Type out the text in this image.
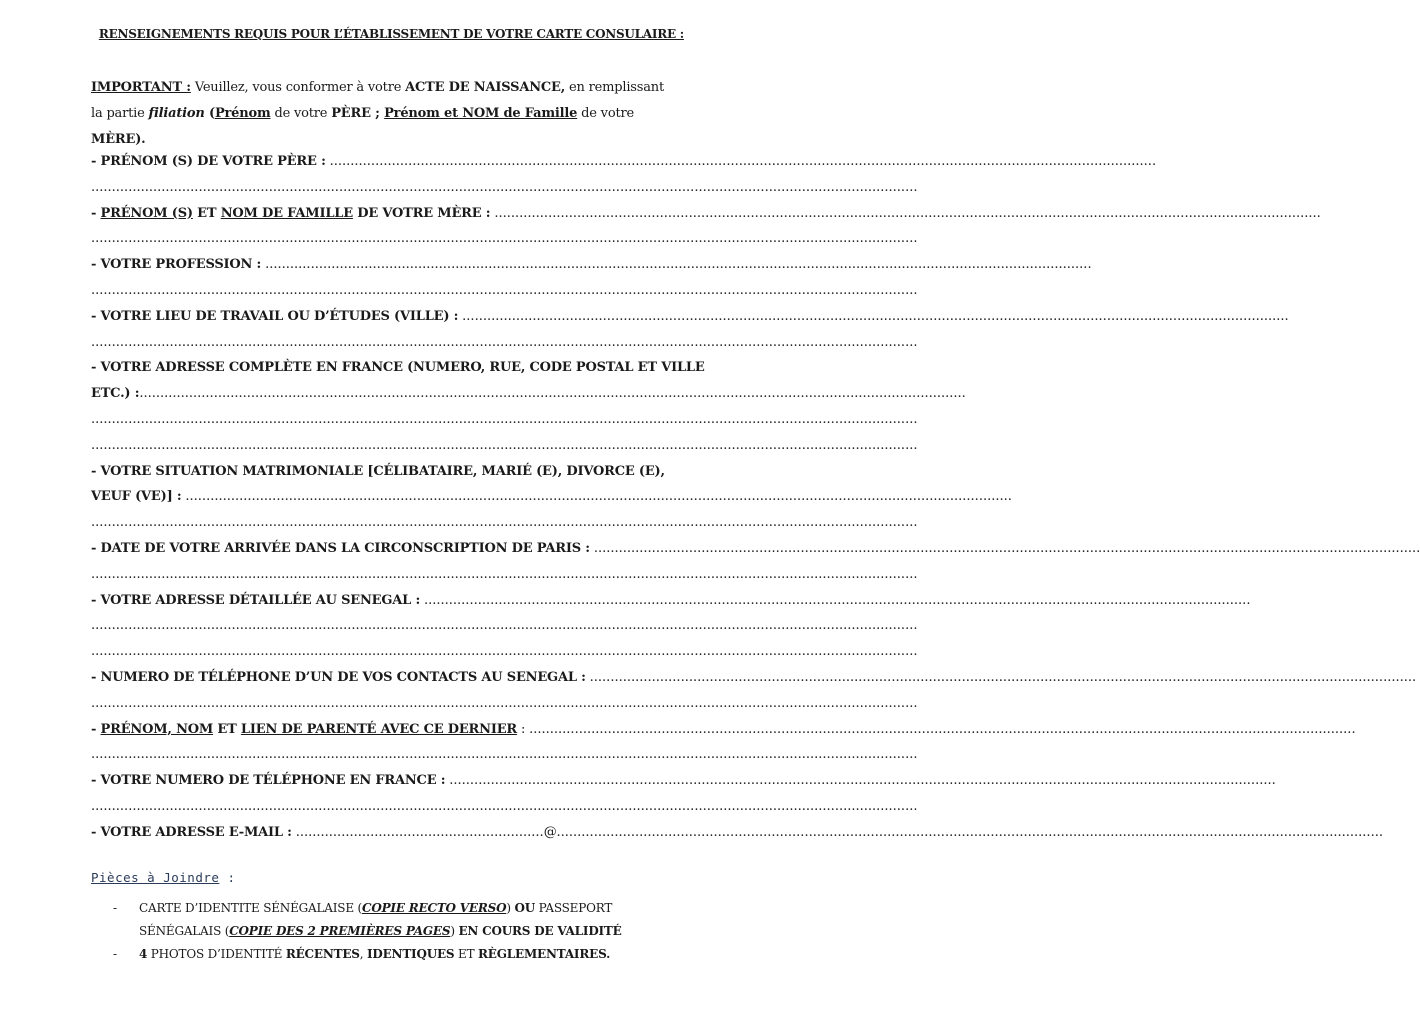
RENSEIGNEMENTS REQUIS POUR L’ÉTABLISSEMENT DE VOTRE CARTE CONSULAIRE :
IMPORTANT : Veuillez, vous conformer à votre ACTE DE NAISSANCE, en remplissant la partie filiation (Prénom de votre PÈRE ; Prénom et NOM de Famille de votre MÈRE).
- PRÉNOM (S) DE VOTRE PÈRE : ........................................................................................................................................................................................................
........................................................................................................................................................................................................
- PRÉNOM (S) ET NOM DE FAMILLE DE VOTRE MÈRE : ........................................................................................................................................................................................................
........................................................................................................................................................................................................
- VOTRE PROFESSION : ........................................................................................................................................................................................................
........................................................................................................................................................................................................
- VOTRE LIEU DE TRAVAIL OU D’ÉTUDES (VILLE) : ........................................................................................................................................................................................................
........................................................................................................................................................................................................
- VOTRE ADRESSE COMPLÈTE EN FRANCE (NUMERO, RUE, CODE POSTAL ET VILLE
ETC.) :........................................................................................................................................................................................................
........................................................................................................................................................................................................
........................................................................................................................................................................................................
- VOTRE SITUATION MATRIMONIALE [CÉLIBATAIRE, MARIÉ (E), DIVORCE (E),
VEUF (VE)] : ........................................................................................................................................................................................................
........................................................................................................................................................................................................
- DATE DE VOTRE ARRIVÉE DANS LA CIRCONSCRIPTION DE PARIS : ........................................................................................................................................................................................................
........................................................................................................................................................................................................
- VOTRE ADRESSE DÉTAILLÉE AU SENEGAL : ........................................................................................................................................................................................................
........................................................................................................................................................................................................
........................................................................................................................................................................................................
- NUMERO DE TÉLÉPHONE D’UN DE VOS CONTACTS AU SENEGAL : ........................................................................................................................................................................................................
........................................................................................................................................................................................................
- PRÉNOM, NOM ET LIEN DE PARENTÉ AVEC CE DERNIER : ........................................................................................................................................................................................................
........................................................................................................................................................................................................
- VOTRE NUMERO DE TÉLÉPHONE EN FRANCE : ........................................................................................................................................................................................................
........................................................................................................................................................................................................
- VOTRE ADRESSE E-MAIL : ............................................................@........................................................................................................................................................................................................
Pièces à Joindre :
- CARTE D’IDENTITE SÉNÉGALAISE (COPIE RECTO VERSO) OU PASSEPORT SÉNÉGALAIS (COPIE DES 2 PREMIÈRES PAGES) EN COURS DE VALIDITÉ
- 4 PHOTOS D’IDENTITÉ RÉCENTES, IDENTIQUES ET RÈGLEMENTAIRES.
